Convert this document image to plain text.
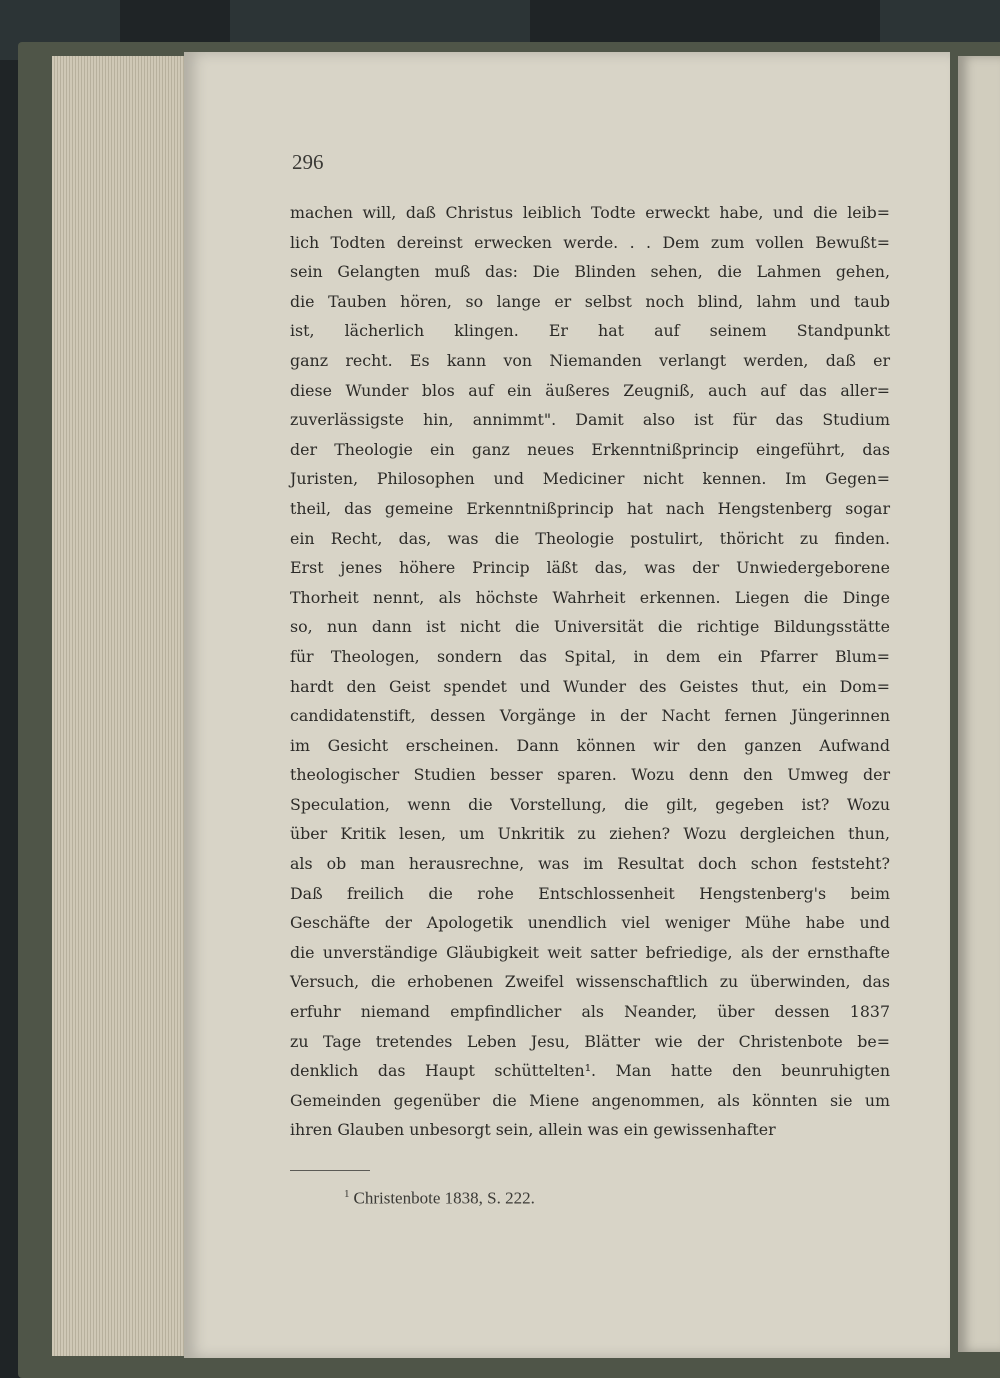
296
machen will, daß Christus leiblich Todte erweckt habe, und die leib=
lich Todten dereinst erwecken werde. . . Dem zum vollen Bewußt=
sein Gelangten muß das: Die Blinden sehen, die Lahmen gehen,
die Tauben hören, so lange er selbst noch blind, lahm und taub
ist, lächerlich klingen. Er hat auf seinem Standpunkt
ganz recht. Es kann von Niemanden verlangt werden, daß er
diese Wunder blos auf ein äußeres Zeugniß, auch auf das aller=
zuverlässigste hin, annimmt". Damit also ist für das Studium
der Theologie ein ganz neues Erkenntnißprincip eingeführt, das
Juristen, Philosophen und Mediciner nicht kennen. Im Gegen=
theil, das gemeine Erkenntnißprincip hat nach Hengstenberg sogar
ein Recht, das, was die Theologie postulirt, thöricht zu finden.
Erst jenes höhere Princip läßt das, was der Unwiedergeborene
Thorheit nennt, als höchste Wahrheit erkennen. Liegen die Dinge
so, nun dann ist nicht die Universität die richtige Bildungsstätte
für Theologen, sondern das Spital, in dem ein Pfarrer Blum=
hardt den Geist spendet und Wunder des Geistes thut, ein Dom=
candidatenstift, dessen Vorgänge in der Nacht fernen Jüngerinnen
im Gesicht erscheinen. Dann können wir den ganzen Aufwand
theologischer Studien besser sparen. Wozu denn den Umweg der
Speculation, wenn die Vorstellung, die gilt, gegeben ist? Wozu
über Kritik lesen, um Unkritik zu ziehen? Wozu dergleichen thun,
als ob man herausrechne, was im Resultat doch schon feststeht?
Daß freilich die rohe Entschlossenheit Hengstenberg's beim
Geschäfte der Apologetik unendlich viel weniger Mühe habe und
die unverständige Gläubigkeit weit satter befriedige, als der ernsthafte
Versuch, die erhobenen Zweifel wissenschaftlich zu überwinden, das
erfuhr niemand empfindlicher als Neander, über dessen 1837
zu Tage tretendes Leben Jesu, Blätter wie der Christenbote be=
denklich das Haupt schüttelten¹. Man hatte den beunruhigten
Gemeinden gegenüber die Miene angenommen, als könnten sie um
ihren Glauben unbesorgt sein, allein was ein gewissenhafter
$^1$ Christenbote 1838, S. 222.
